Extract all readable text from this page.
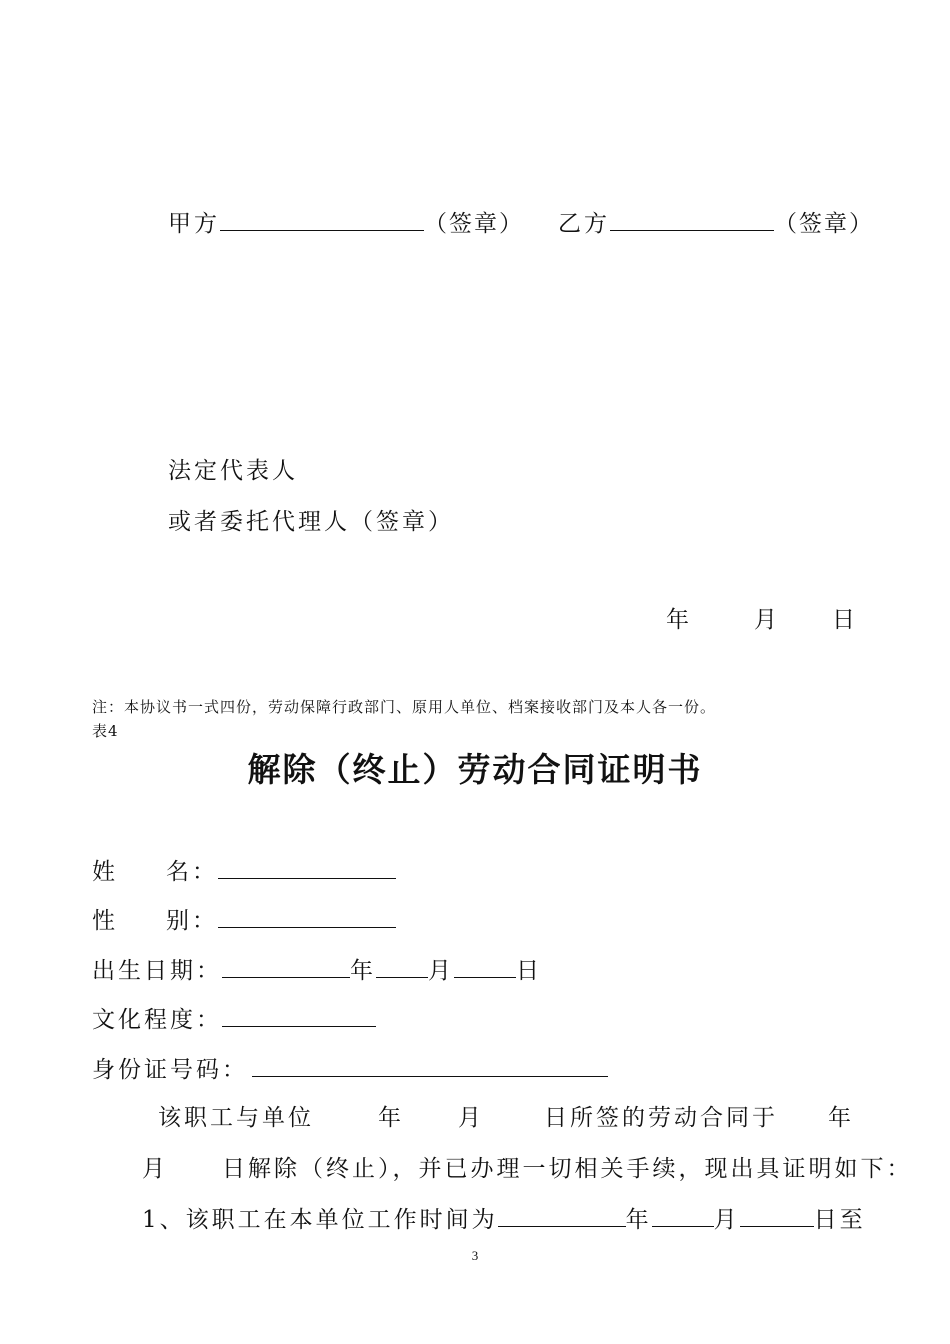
甲方	（签章） 乙方	（签章）
法定代表人
或者委托代理人（签章）
年	月 日
注：本协议书一式四份，劳动保障行政部门、原用人单位、档案接收部门及本人各一份。
表4
解除（终止）劳动合同证明书
姓 名：
性 别：
出生日期：	年 月	日
文化程度：
身份证号码：
该职工与单位	年 月	日所签的劳动合同于 年
月 日解除（终止），并已办理一切相关手续，现出具证明如下：
1、该职工在本单位工作时间为	年	月	日至
3
